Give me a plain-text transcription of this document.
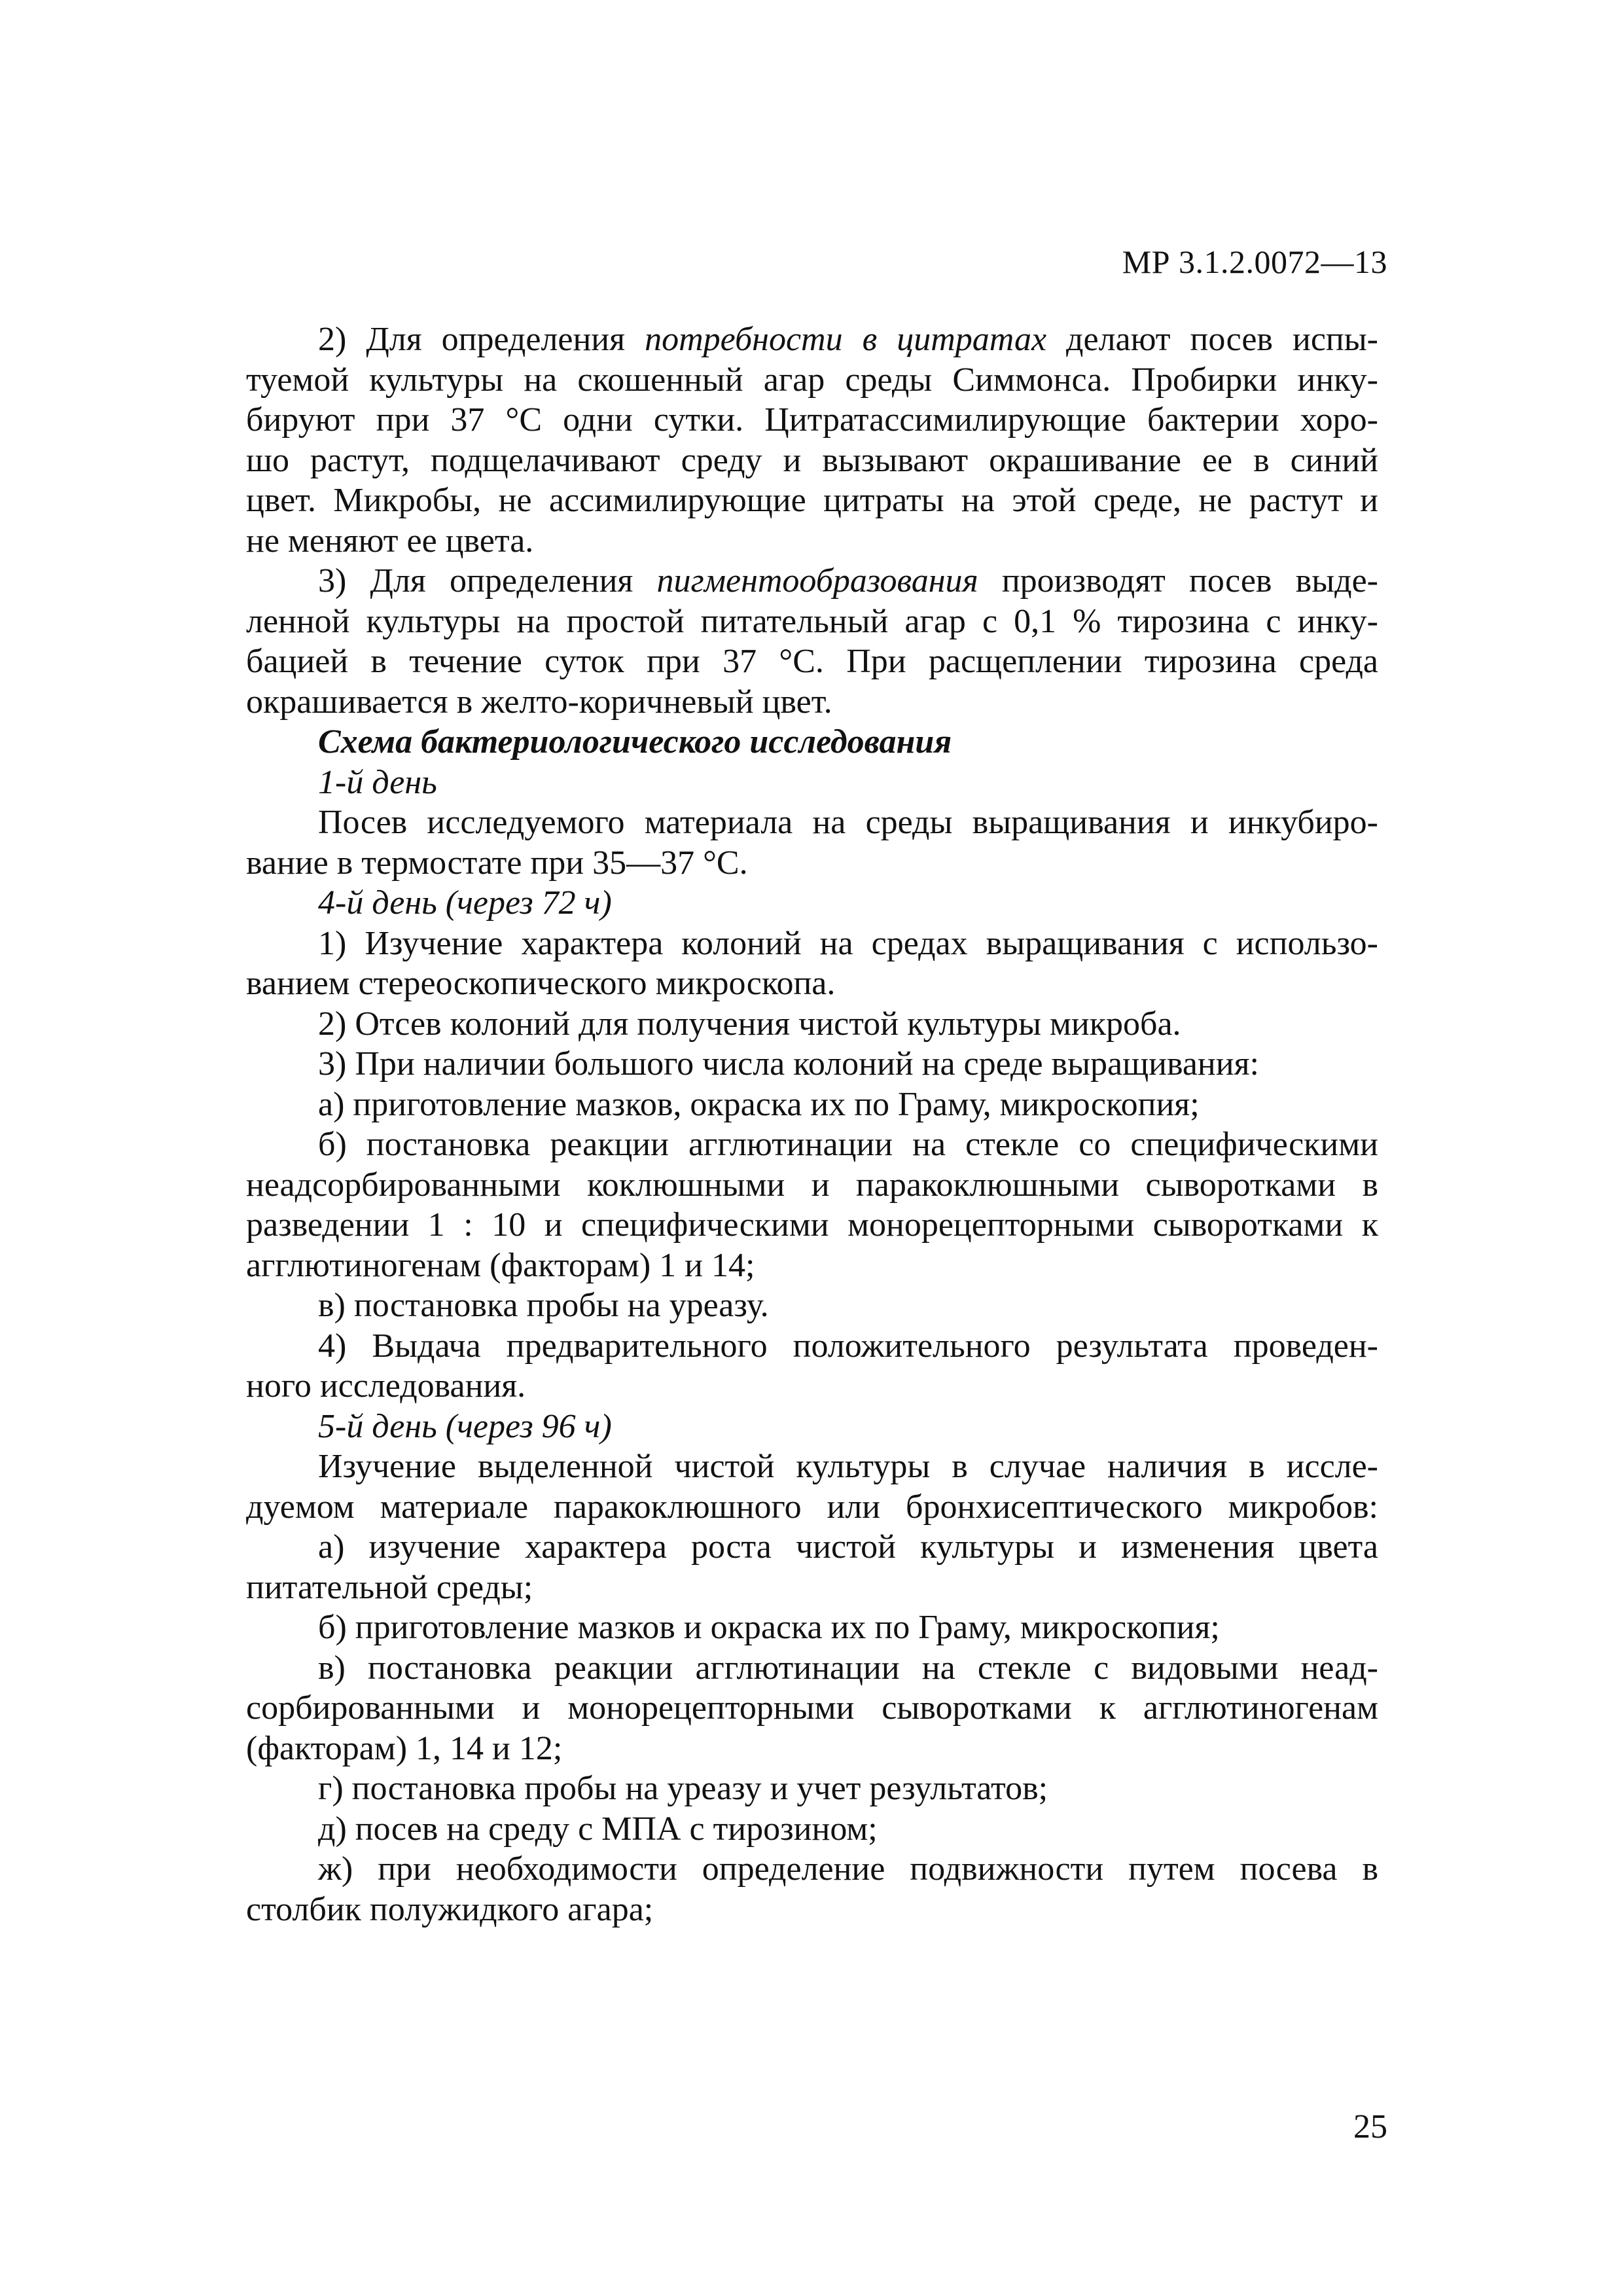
МР 3.1.2.0072—13
2) Для определения потребности в цитратах делают посев испы-
туемой культуры на скошенный агар среды Симмонса. Пробирки инку-
бируют при 37 °С одни сутки. Цитратассимилирующие бактерии хоро-
шо растут, подщелачивают среду и вызывают окрашивание ее в синий
цвет. Микробы, не ассимилирующие цитраты на этой среде, не растут и
не меняют ее цвета.
3) Для определения пигментообразования производят посев выде-
ленной культуры на простой питательный агар с 0,1 % тирозина с инку-
бацией в течение суток при 37 °С. При расщеплении тирозина среда
окрашивается в желто-коричневый цвет.
Схема бактериологического исследования
1-й день
Посев исследуемого материала на среды выращивания и инкубиро-
вание в термостате при 35—37 °С.
4-й день (через 72 ч)
1) Изучение характера колоний на средах выращивания с использо-
ванием стереоскопического микроскопа.
2) Отсев колоний для получения чистой культуры микроба.
3) При наличии большого числа колоний на среде выращивания:
а) приготовление мазков, окраска их по Граму, микроскопия;
б) постановка реакции агглютинации на стекле со специфическими
неадсорбированными коклюшными и паракоклюшными сыворотками в
разведении 1 : 10 и специфическими монорецепторными сыворотками к
агглютиногенам (факторам) 1 и 14;
в) постановка пробы на уреазу.
4) Выдача предварительного положительного результата проведен-
ного исследования.
5-й день (через 96 ч)
Изучение выделенной чистой культуры в случае наличия в иссле-
дуемом материале паракоклюшного или бронхисептического микробов:
а) изучение характера роста чистой культуры и изменения цвета
питательной среды;
б) приготовление мазков и окраска их по Граму, микроскопия;
в) постановка реакции агглютинации на стекле с видовыми неад-
сорбированными и монорецепторными сыворотками к агглютиногенам
(факторам) 1, 14 и 12;
г) постановка пробы на уреазу и учет результатов;
д) посев на среду с МПА с тирозином;
ж) при необходимости определение подвижности путем посева в
столбик полужидкого агара;
25
